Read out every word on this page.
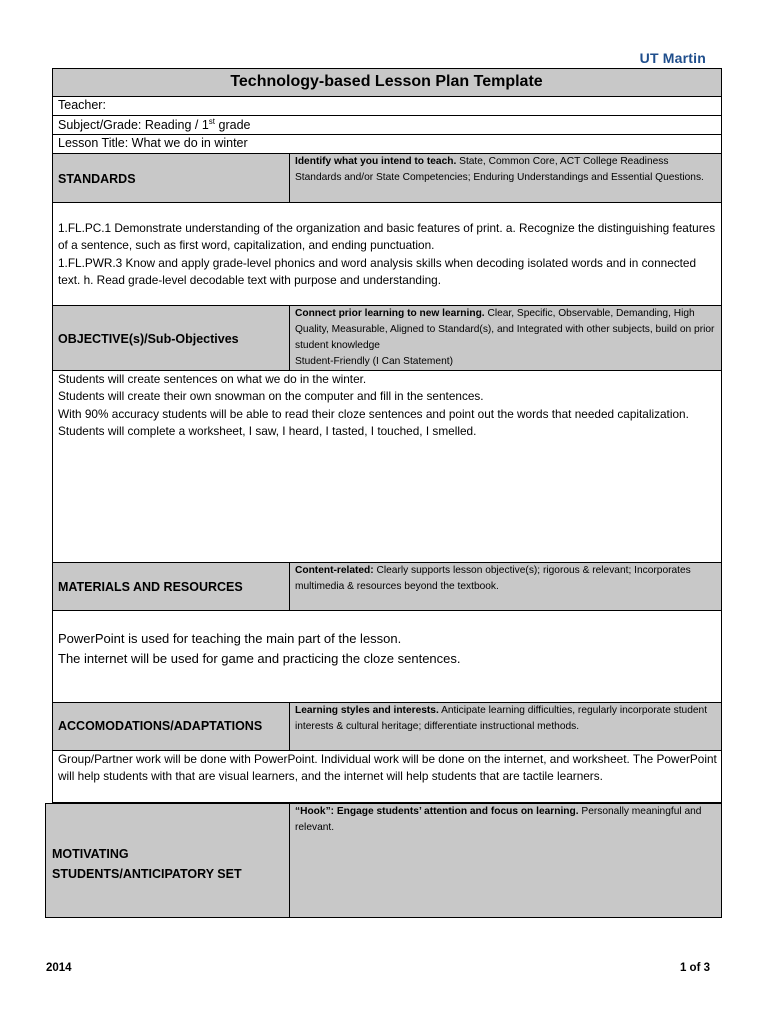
UT Martin
Technology-based Lesson Plan Template
Teacher:
Subject/Grade: Reading / 1st grade
Lesson Title: What we do in winter
STANDARDS
Identify what you intend to teach. State, Common Core, ACT College Readiness Standards and/or State Competencies; Enduring Understandings and Essential Questions.

1.FL.PC.1 Demonstrate understanding of the organization and basic features of print. a. Recognize the distinguishing features of a sentence, such as first word, capitalization, and ending punctuation.

1.FL.PWR.3 Know and apply grade-level phonics and word analysis skills when decoding isolated words and in connected text. h. Read grade-level decodable text with purpose and understanding.

OBJECTIVE(s)/Sub-Objectives
Connect prior learning to new learning. Clear, Specific, Observable, Demanding, High Quality, Measurable, Aligned to Standard(s), and Integrated with other subjects, build on prior student knowledge
Student-Friendly (I Can Statement)

Students will create sentences on what we do in the winter.

Students will create their own snowman on the computer and fill in the sentences.

With 90% accuracy students will be able to read their cloze sentences and point out the words that needed capitalization.

Students will complete a worksheet, I saw, I heard, I tasted, I touched, I smelled.

MATERIALS AND RESOURCES
Content-related: Clearly supports lesson objective(s); rigorous & relevant; Incorporates multimedia & resources beyond the textbook.

PowerPoint is used for teaching the main part of the lesson.

The internet will be used for game and practicing the cloze sentences.

ACCOMODATIONS/ADAPTATIONS
Learning styles and interests. Anticipate learning difficulties, regularly incorporate student interests & cultural heritage; differentiate instructional methods.
Group/Partner work will be done with PowerPoint. Individual work will be done on the internet, and worksheet. The PowerPoint will help students with that are visual learners, and the internet will help students that are tactile learners.
MOTIVATING
STUDENTS/ANTICIPATORY SET
“Hook”: Engage students’ attention and focus on learning. Personally meaningful and relevant.
2014	1 of 3
